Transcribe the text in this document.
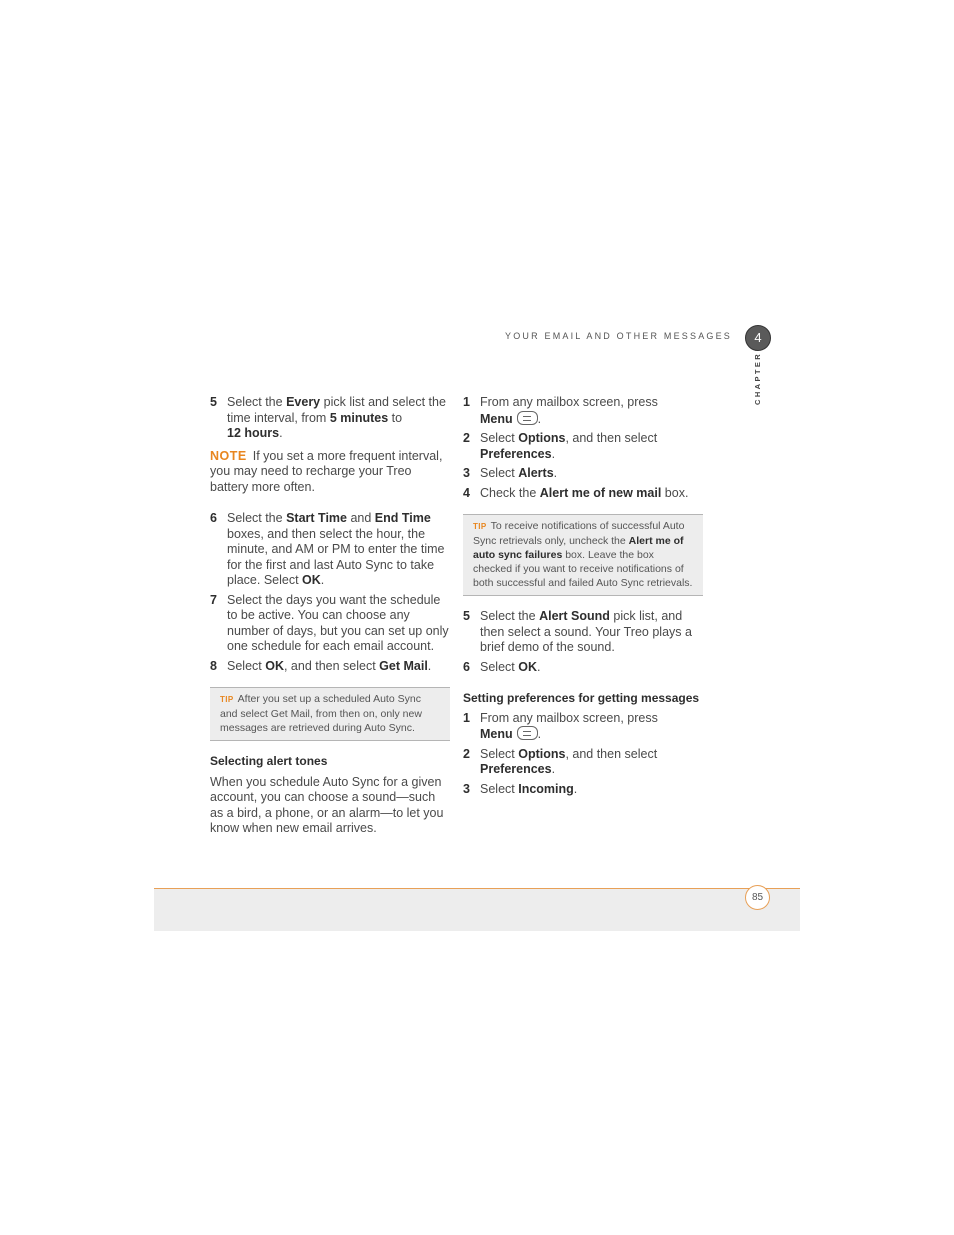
YOUR EMAIL AND OTHER MESSAGES	4
CHAPTER

5 Select the Every pick list and select the time interval, from 5 minutes to
12 hours.

NOTE If you set a more frequent interval, you may need to recharge your Treo battery more often.

6 Select the Start Time and End Time boxes, and then select the hour, the minute, and AM or PM to enter the time for the first and last Auto Sync to take place. Select OK.

7 Select the days you want the schedule to be active. You can choose any number of days, but you can set up only one schedule for each email account.

8 Select OK, and then select Get Mail.

TIP After you set up a scheduled Auto Sync and select Get Mail, from then on, only new messages are retrieved during Auto Sync.

Selecting alert tones

When you schedule Auto Sync for a given account, you can choose a sound—such as a bird, a phone, or an alarm—to let you know when new email arrives.

1 From any mailbox screen, press
Menu .

2 Select Options, and then select
Preferences.

3 Select Alerts.

4 Check the Alert me of new mail box.

TIP To receive notifications of successful Auto Sync retrievals only, uncheck the Alert me of auto sync failures box. Leave the box checked if you want to receive notifications of both successful and failed Auto Sync retrievals.

5 Select the Alert Sound pick list, and then select a sound. Your Treo plays a brief demo of the sound.

6 Select OK.

Setting preferences for getting messages

1 From any mailbox screen, press
Menu .

2 Select Options, and then select
Preferences.

3 Select Incoming.

85
